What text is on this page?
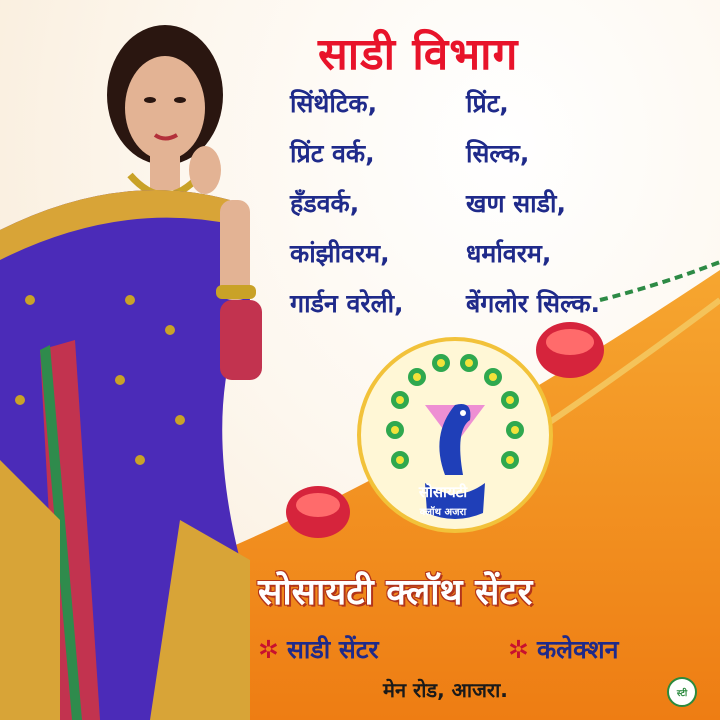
साडी विभाग
सिंथेटिक,	प्रिंट,
प्रिंट वर्क,	सिल्क,
हँडवर्क,	खण साडी,
कांझीवरम,	धर्मावरम,
गार्डन वरेली, बेंगलोर सिल्क.
सोसायटी
क्लॉथ अजरा
सोसायटी क्लॉथ सेंटर
✲ साडी सेंटर	✲ कलेक्शन
मेन रोड, आजरा.	स्टी
